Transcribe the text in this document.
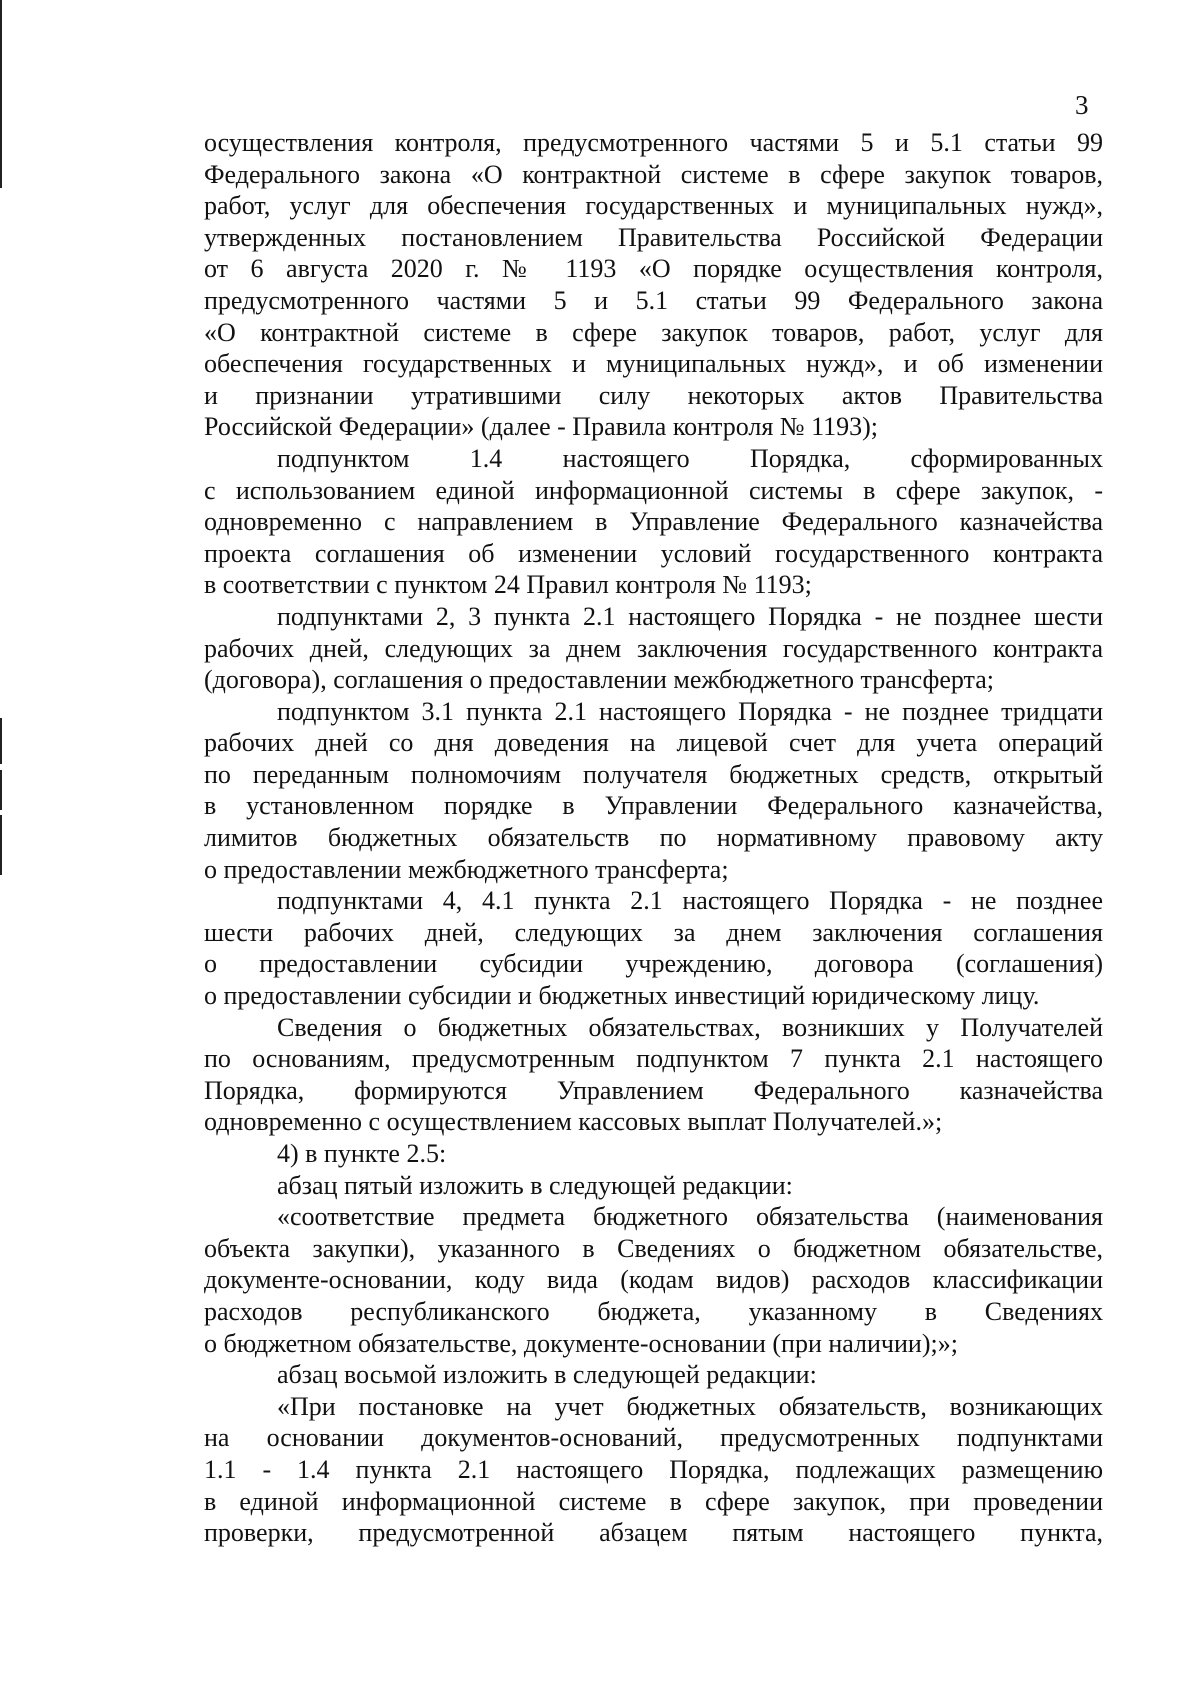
3
осуществления контроля, предусмотренного частями 5 и 5.1 статьи 99
Федерального закона «О контрактной системе в сфере закупок товаров,
работ, услуг для обеспечения государственных и муниципальных нужд»,
утвержденных постановлением Правительства Российской Федерации
от 6 августа 2020 г. № 1193 «О порядке осуществления контроля,
предусмотренного частями 5 и 5.1 статьи 99 Федерального закона
«О контрактной системе в сфере закупок товаров, работ, услуг для
обеспечения государственных и муниципальных нужд», и об изменении
и признании утратившими силу некоторых актов Правительства
Российской Федерации» (далее - Правила контроля № 1193);
подпунктом 1.4 настоящего Порядка, сформированных
с использованием единой информационной системы в сфере закупок, -
одновременно с направлением в Управление Федерального казначейства
проекта соглашения об изменении условий государственного контракта
в соответствии с пунктом 24 Правил контроля № 1193;
подпунктами 2, 3 пункта 2.1 настоящего Порядка - не позднее шести
рабочих дней, следующих за днем заключения государственного контракта
(договора), соглашения о предоставлении межбюджетного трансферта;
подпунктом 3.1 пункта 2.1 настоящего Порядка - не позднее тридцати
рабочих дней со дня доведения на лицевой счет для учета операций
по переданным полномочиям получателя бюджетных средств, открытый
в установленном порядке в Управлении Федерального казначейства,
лимитов бюджетных обязательств по нормативному правовому акту
о предоставлении межбюджетного трансферта;
подпунктами 4, 4.1 пункта 2.1 настоящего Порядка - не позднее
шести рабочих дней, следующих за днем заключения соглашения
о предоставлении субсидии учреждению, договора (соглашения)
о предоставлении субсидии и бюджетных инвестиций юридическому лицу.
Сведения о бюджетных обязательствах, возникших у Получателей
по основаниям, предусмотренным подпунктом 7 пункта 2.1 настоящего
Порядка, формируются Управлением Федерального казначейства
одновременно с осуществлением кассовых выплат Получателей.»;
4) в пункте 2.5:
абзац пятый изложить в следующей редакции:
«соответствие предмета бюджетного обязательства (наименования
объекта закупки), указанного в Сведениях о бюджетном обязательстве,
документе-основании, коду вида (кодам видов) расходов классификации
расходов республиканского бюджета, указанному в Сведениях
о бюджетном обязательстве, документе-основании (при наличии);»;
абзац восьмой изложить в следующей редакции:
«При постановке на учет бюджетных обязательств, возникающих
на основании документов-оснований, предусмотренных подпунктами
1.1 - 1.4 пункта 2.1 настоящего Порядка, подлежащих размещению
в единой информационной системе в сфере закупок, при проведении
проверки, предусмотренной абзацем пятым настоящего пункта,
